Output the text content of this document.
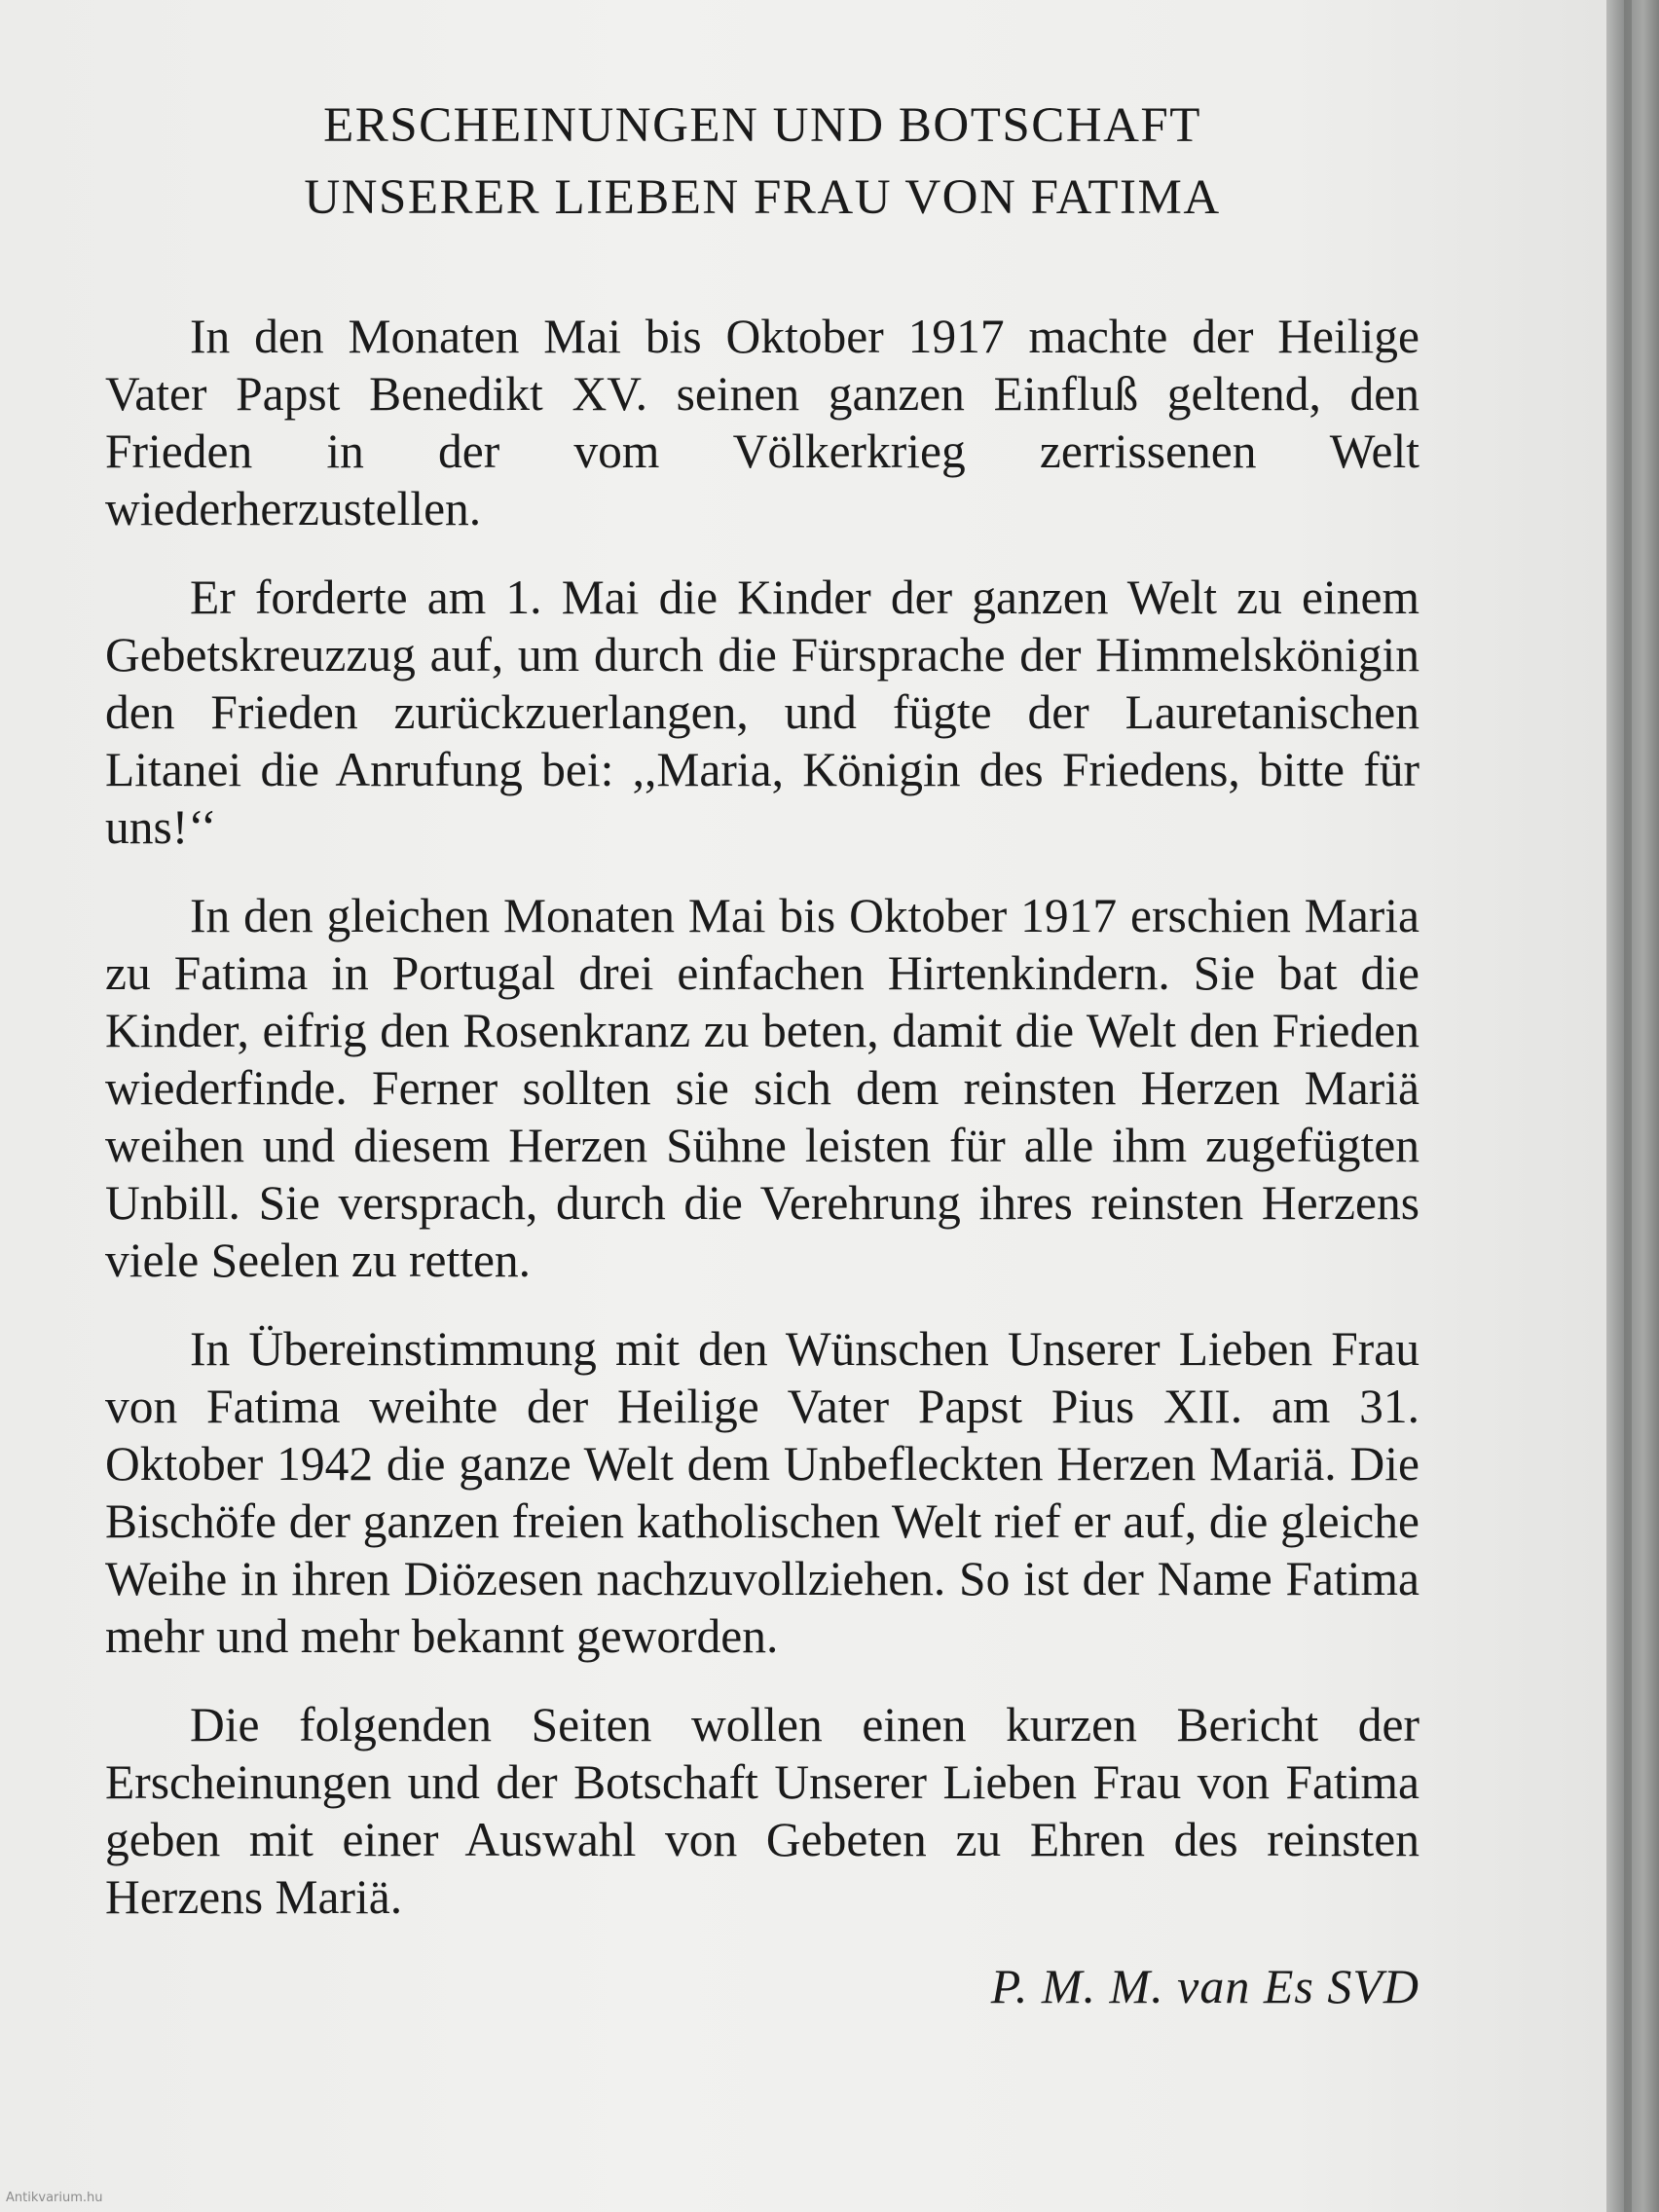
ERSCHEINUNGEN UND BOTSCHAFT
UNSERER LIEBEN FRAU VON FATIMA

In den Monaten Mai bis Oktober 1917 machte der Heilige Vater Papst Benedikt XV. seinen ganzen Einfluß geltend, den Frieden in der vom Völkerkrieg zerrissenen Welt wiederherzustellen.

Er forderte am 1. Mai die Kinder der ganzen Welt zu einem Gebetskreuzzug auf, um durch die Fürsprache der Himmelskönigin den Frieden zurückzuerlangen, und fügte der Lauretanischen Litanei die Anrufung bei: ,,Maria, Königin des Friedens, bitte für uns!‘‘

In den gleichen Monaten Mai bis Oktober 1917 erschien Maria zu Fatima in Portugal drei einfachen Hirtenkindern. Sie bat die Kinder, eifrig den Rosenkranz zu beten, damit die Welt den Frieden wiederfinde. Ferner sollten sie sich dem reinsten Herzen Mariä weihen und diesem Herzen Sühne leisten für alle ihm zugefügten Unbill. Sie versprach, durch die Verehrung ihres reinsten Herzens viele Seelen zu retten.

In Übereinstimmung mit den Wünschen Unserer Lieben Frau von Fatima weihte der Heilige Vater Papst Pius XII. am 31. Oktober 1942 die ganze Welt dem Unbefleckten Herzen Mariä. Die Bischöfe der ganzen freien katholischen Welt rief er auf, die gleiche Weihe in ihren Diözesen nachzuvollziehen. So ist der Name Fatima mehr und mehr bekannt geworden.

Die folgenden Seiten wollen einen kurzen Bericht der Erscheinungen und der Botschaft Unserer Lieben Frau von Fatima geben mit einer Auswahl von Gebeten zu Ehren des reinsten Herzens Mariä.

P. M. M. van Es SVD
Antikvarium.hu
